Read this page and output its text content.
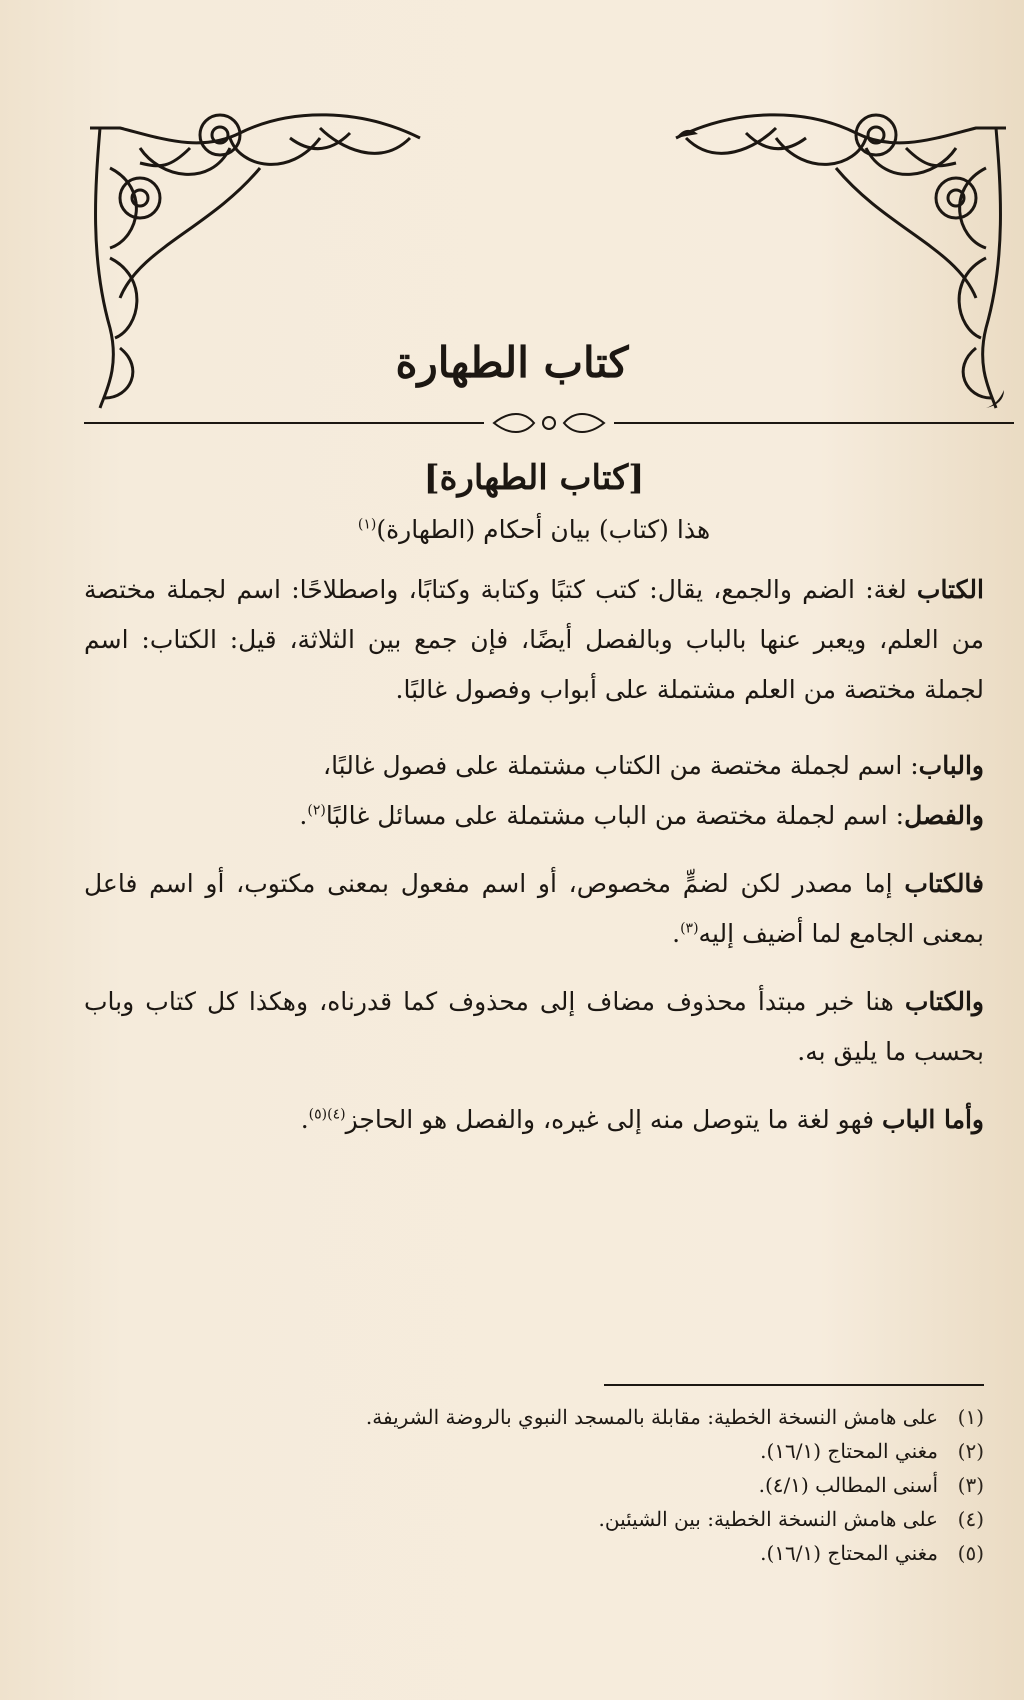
كتاب الطهارة
[كتاب الطهارة]

هذا (كتاب) بيان أحكام (الطهارة)$^{(١)}$

الكتاب لغة: الضم والجمع، يقال: كتب كتبًا وكتابة وكتابًا، واصطلاحًا: اسم لجملة مختصة من العلم، ويعبر عنها بالباب وبالفصل أيضًا، فإن جمع بين الثلاثة، قيل: الكتاب: اسم لجملة مختصة من العلم مشتملة على أبواب وفصول غالبًا.

والباب: اسم لجملة مختصة من الكتاب مشتملة على فصول غالبًا،
والفصل: اسم لجملة مختصة من الباب مشتملة على مسائل غالبًا$^{(٢)}$.

فالكتاب إما مصدر لكن لضمٍّ مخصوص، أو اسم مفعول بمعنى مكتوب، أو اسم فاعل بمعنى الجامع لما أضيف إليه$^{(٣)}$.

والكتاب هنا خبر مبتدأ محذوف مضاف إلى محذوف كما قدرناه، وهكذا كل كتاب وباب بحسب ما يليق به.

وأما الباب فهو لغة ما يتوصل منه إلى غيره، والفصل هو الحاجز$^{(٤)(٥)}$.

(١)
على هامش النسخة الخطية: مقابلة بالمسجد النبوي بالروضة الشريفة.
(٢)
مغني المحتاج (١٦/١).
(٣)
أسنى المطالب (٤/١).
(٤)
على هامش النسخة الخطية: بين الشيئين.
(٥)
مغني المحتاج (١٦/١).
